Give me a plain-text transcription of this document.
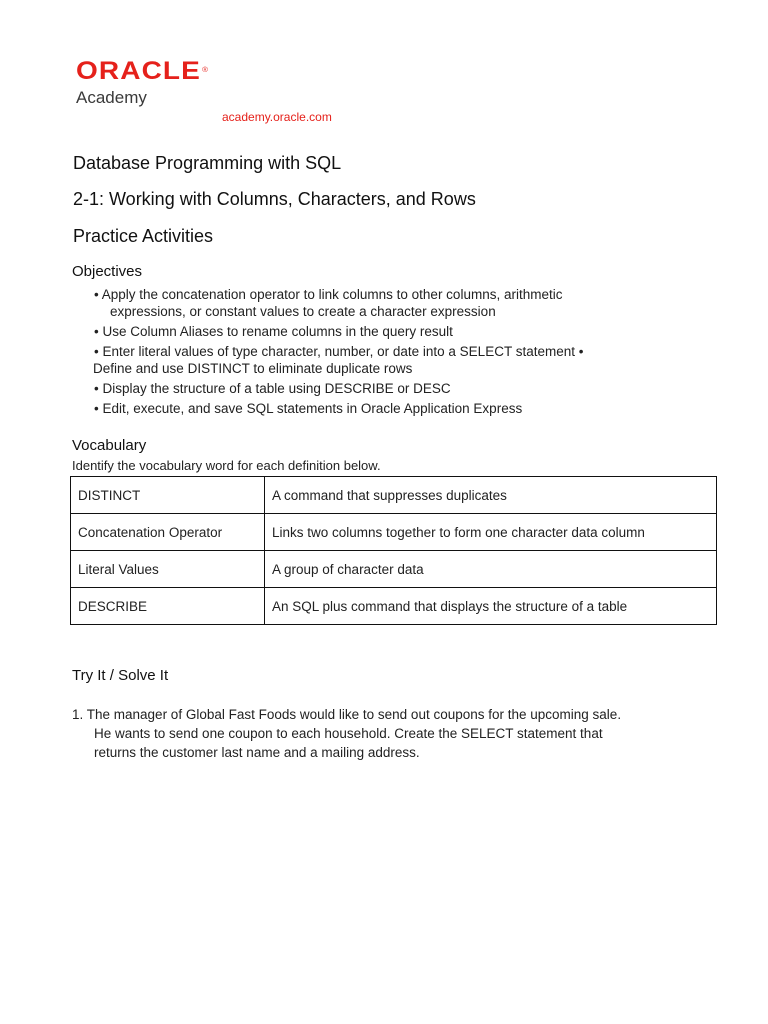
ORACLE®
Academy
academy.oracle.com
Database Programming with SQL
2-1: Working with Columns, Characters, and Rows
Practice Activities
Objectives
• Apply the concatenation operator to link columns to other columns, arithmetic
expressions, or constant values to create a character expression
• Use Column Aliases to rename columns in the query result
• Enter literal values of type character, number, or date into a SELECT statement •
Define and use DISTINCT to eliminate duplicate rows
• Display the structure of a table using DESCRIBE or DESC
• Edit, execute, and save SQL statements in Oracle Application Express
Vocabulary
Identify the vocabulary word for each definition below.
DISTINCT	A command that suppresses duplicates
Concatenation Operator	Links two columns together to form one character data column
Literal Values	A group of character data
DESCRIBE	An SQL plus command that displays the structure of a table
Try It / Solve It
1. The manager of Global Fast Foods would like to send out coupons for the upcoming sale.
He wants to send one coupon to each household. Create the SELECT statement that
returns the customer last name and a mailing address.
